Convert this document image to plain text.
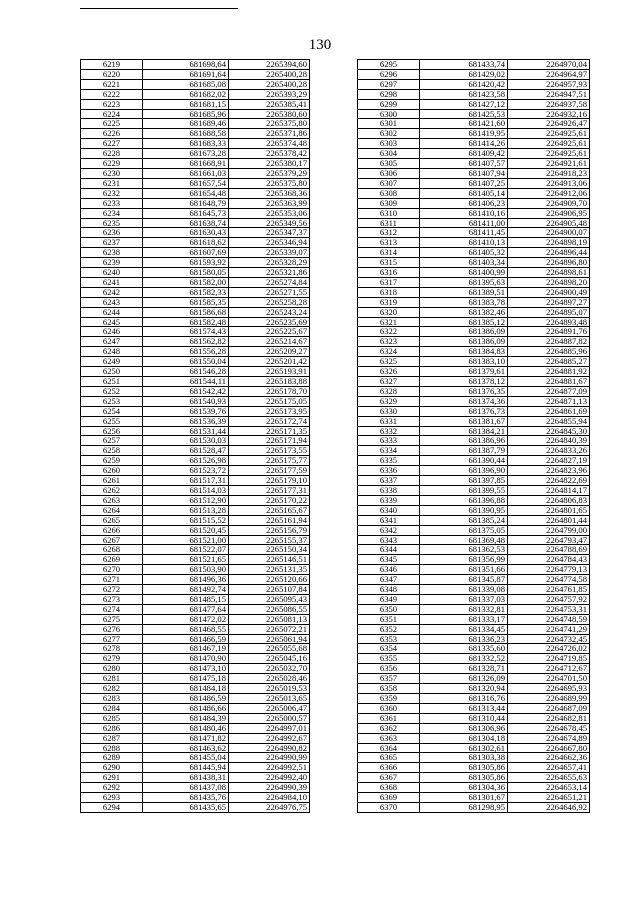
130
6219	681698,64	2265394,60
6220	681691,64	2265400,28
6221	681685,08	2265400,28
6222	681682,02	2265393,29
6223	681681,15	2265385,41
6224	681685,96	2265380,60
6225	681689,46	2265375,80
6226	681688,58	2265371,86
6227	681683,33	2265374,48
6228	681673,28	2265378,42
6229	681668,91	2265380,17
6230	681661,03	2265379,29
6231	681657,54	2265375,80
6232	681654,48	2265368,36
6233	681648,79	2265363,99
6234	681645,73	2265353,06
6235	681638,74	2265349,56
6236	681630,43	2265347,37
6237	681618,62	2265346,94
6238	681607,69	2265339,07
6239	681593,92	2265328,29
6240	681580,05	2265321,86
6241	681582,00	2265274,84
6242	681582,33	2265271,55
6243	681585,35	2265258,28
6244	681586,68	2265243,24
6245	681582,48	2265235,69
6246	681574,43	2265225,67
6247	681562,82	2265214,67
6248	681556,28	2265209,27
6249	681550,04	2265201,42
6250	681546,28	2265193,91
6251	681544,11	2265183,88
6252	681542,42	2265178,70
6253	681540,93	2265175,05
6254	681539,76	2265173,95
6255	681536,39	2265172,74
6256	681531,44	2265171,35
6257	681530,03	2265171,94
6258	681528,47	2265173,55
6259	681526,98	2265175,77
6260	681523,72	2265177,59
6261	681517,31	2265179,10
6262	681514,03	2265177,31
6263	681512,90	2265170,22
6264	681513,28	2265165,67
6265	681515,52	2265161,94
6266	681520,45	2265156,79
6267	681521,00	2265155,37
6268	681522,07	2265150,34
6269	681521,65	2265146,51
6270	681503,90	2265131,35
6271	681496,36	2265120,66
6272	681492,74	2265107,84
6273	681485,15	2265095,43
6274	681477,64	2265086,55
6275	681472,02	2265081,13
6276	681468,55	2265072,21
6277	681466,59	2265061,94
6278	681467,19	2265055,68
6279	681470,90	2265045,16
6280	681473,10	2265032,70
6281	681475,18	2265028,46
6282	681484,18	2265019,53
6283	681486,59	2265013,65
6284	681486,66	2265006,47
6285	681484,39	2265000,57
6286	681480,46	2264997,01
6287	681471,82	2264992,67
6288	681463,62	2264990,82
6289	681455,04	2264990,99
6290	681445,94	2264992,51
6291	681438,31	2264992,40
6292	681437,08	2264990,39
6293	681435,76	2264984,10
6294	681435,65	2264976,75
6295	681433,74	2264970,04
6296	681429,02	2264964,97
6297	681420,42	2264957,93
6298	681423,58	2264947,51
6299	681427,12	2264937,58
6300	681425,53	2264932,16
6301	681421,60	2264926,47
6302	681419,95	2264925,61
6303	681414,26	2264925,61
6304	681409,42	2264925,61
6305	681407,57	2264921,61
6306	681407,94	2264918,23
6307	681407,25	2264913,06
6308	681405,14	2264912,06
6309	681406,23	2264909,70
6310	681410,16	2264906,95
6311	681411,00	2264905,48
6312	681411,45	2264900,07
6313	681410,13	2264898,19
6314	681405,32	2264896,44
6315	681403,34	2264896,80
6316	681400,99	2264898,61
6317	681395,63	2264898,20
6318	681389,51	2264900,49
6319	681383,78	2264897,27
6320	681382,46	2264895,07
6321	681385,12	2264893,48
6322	681386,09	2264891,76
6323	681386,09	2264887,82
6324	681384,83	2264885,96
6325	681383,10	2264885,27
6326	681379,61	2264881,92
6327	681378,12	2264881,67
6328	681376,35	2264877,09
6329	681374,36	2264871,13
6330	681376,73	2264861,69
6331	681381,67	2264855,94
6332	681384,21	2264845,30
6333	681386,96	2264840,39
6334	681387,79	2264833,26
6335	681390,44	2264827,19
6336	681396,90	2264823,96
6337	681397,85	2264822,69
6338	681399,55	2264814,17
6339	681396,88	2264806,83
6340	681390,95	2264801,65
6341	681385,24	2264801,44
6342	681375,05	2264799,00
6343	681369,48	2264793,47
6344	681362,53	2264788,69
6345	681356,99	2264784,43
6346	681351,66	2264779,13
6347	681345,87	2264774,58
6348	681339,08	2264761,85
6349	681337,03	2264757,92
6350	681332,81	2264753,31
6351	681333,17	2264748,59
6352	681334,45	2264741,29
6353	681336,23	2264732,45
6354	681335,60	2264726,02
6355	681332,52	2264719,85
6356	681328,71	2264712,67
6357	681326,09	2264701,50
6358	681320,94	2264695,93
6359	681316,76	2264689,99
6360	681313,44	2264687,09
6361	681310,44	2264682,81
6362	681306,96	2264678,45
6363	681304,18	2264674,89
6364	681302,61	2264667,80
6365	681303,38	2264662,36
6366	681305,86	2264657,41
6367	681305,86	2264655,63
6368	681304,36	2264653,14
6369	681301,67	2264651,21
6370	681298,95	2264646,92
